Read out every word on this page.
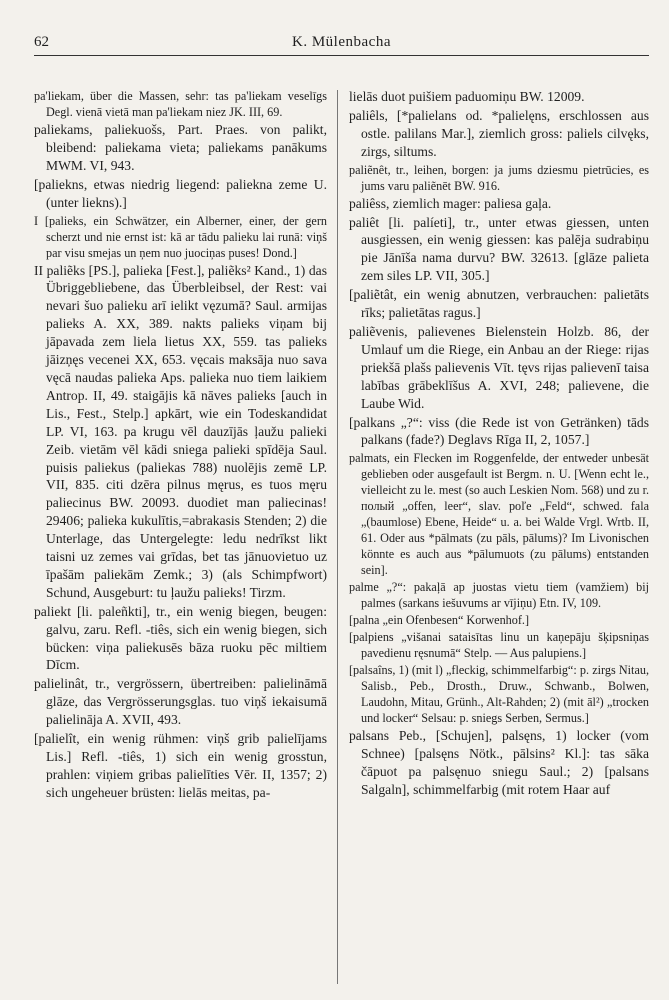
62	K. Mülenbacha

pa'liekam, über die Massen, sehr: tas pa'liekam veselīgs Degl. vienā vietā man pa'liekam niez JK. III, 69.

paliekams, paliekuošs, Part. Praes. von palikt, bleibend: paliekama vieta; paliekams panākums MWM. VI, 943.

[paliekns, etwas niedrig liegend: paliekna zeme U. (unter liekns).]

I [palieks, ein Schwätzer, ein Alberner, einer, der gern scherzt und nie ernst ist: kā ar tādu palieku lai runā: viņš par visu smejas un ņem nuo juociņas puses! Dond.]

II paliẽks [PS.], palieka [Fest.], paliẽks² Kand., 1) das Übriggebliebene, das Überbleibsel, der Rest: vai nevari šuo palieku arī ielikt vęzumā? Saul. armijas palieks A. XX, 389. nakts palieks viņam bij jāpavada zem liela lietus XX, 559. tas palieks jāizņęs vecenei XX, 653. vęcais maksāja nuo sava vęcā naudas palieka Aps. palieka nuo tiem laikiem Antrop. II, 49. staigājis kā nāves palieks [auch in Lis., Fest., Stelp.] apkārt, wie ein Todeskandidat LP. VI, 163. pa krugu vēl dauzījās ļaužu palieki Zeib. vietām vēl kādi sniega palieki spīdēja Saul. puisis paliekus (paliekas 788) nuolējis zemē LP. VII, 835. citi dzēra pilnus męrus, es tuos męru paliecinus BW. 20093. duodiet man paliecinas! 29406; palieka kukulītis,=abrakasis Stenden; 2) die Unterlage, das Untergelegte: ledu nedrīkst likt taisni uz zemes vai grīdas, bet tas jānuovietuo uz īpašām paliekām Zemk.; 3) (als Schimpfwort) Schund, Ausgeburt: tu ļaužu palieks! Tirzm.

paliekt [li. paleñkti], tr., ein wenig biegen, beugen: galvu, zaru. Refl. -tiês, sich ein wenig biegen, sich bücken: viņa paliekusēs bāza ruoku pēc miltiem Dīcm.

palielinât, tr., vergrössern, übertreiben: palielināmā glāze, das Vergrösserungsglas. tuo viņš iekaisumā palielināja A. XVII, 493.

[palielît, ein wenig rühmen: viņš grib palielījams Lis.] Refl. -tiês, 1) sich ein wenig grosstun, prahlen: viņiem gribas palielīties Vēr. II, 1357; 2) sich ungeheuer brüsten: lielās meitas, pa-

lielās duot puišiem paduomiņu BW. 12009.

paliêls, [*palielans od. *palielęns, erschlossen aus ostle. palilans Mar.], ziemlich gross: paliels cilvęks, zirgs, siltums.

paliẽnêt, tr., leihen, borgen: ja jums dziesmu pietrūcies, es jums varu paliẽnēt BW. 916.

paliêss, ziemlich mager: paliesa gaļa.

paliêt [li. palíeti], tr., unter etwas giessen, unten ausgiessen, ein wenig giessen: kas palēja sudrabiņu pie Jānīša nama durvu? BW. 32613. [glāze palieta zem siles LP. VII, 305.]

[paliẽtât, ein wenig abnutzen, verbrauchen: palietāts rīks; palietātas ragus.]

paliẽvenis, palievenes Bielenstein Holzb. 86, der Umlauf um die Riege, ein Anbau an der Riege: rijas priekšā plašs palievenis Vīt. tęvs rijas palievenī taisa labības grābeklīšus A. XVI, 248; palievene, die Laube Wid.

[palkans „?“: viss (die Rede ist von Getränken) tāds palkans (fade?) Deglavs Rīga II, 2, 1057.]

palmats, ein Flecken im Roggenfelde, der entweder unbesät geblieben oder ausgefault ist Bergm. n. U. [Wenn echt le., vielleicht zu le. mest (so auch Leskien Nom. 568) und zu r. полый „offen, leer“, slav. poľe „Feld“, schwed. fala „(baumlose) Ebene, Heide“ u. a. bei Walde Vrgl. Wrtb. II, 61. Oder aus *pālmats (zu pāls, pālums)? Im Livonischen könnte es auch aus *pālumuots (zu pālums) entstanden sein].

palme „?“: pakaļā ap juostas vietu tiem (vamžiem) bij palmes (sarkans iešuvums ar vījiņu) Etn. IV, 109.

[palna „ein Ofenbesen“ Korwenhof.]

[palpiens „višanai sataisītas linu un kaņepāju šķipsniņas pavedienu ręsnumā“ Stelp. — Aus palupiens.]

[palsaîns, 1) (mit l) „fleckig, schimmelfarbig“: p. zirgs Nitau, Salisb., Peb., Drosth., Druw., Schwanb., Bolwen, Laudohn, Mitau, Grünh., Alt-Rahden; 2) (mit āl²) „trocken und locker“ Selsau: p. sniegs Serben, Sermus.]

palsans Peb., [Schujen], palsęns, 1) locker (vom Schnee) [palsęns Nötk., pālsins² Kl.]: tas sāka čāpuot pa palsęnuo sniegu Saul.; 2) [palsans Salgaln], schimmelfarbig (mit rotem Haar auf
